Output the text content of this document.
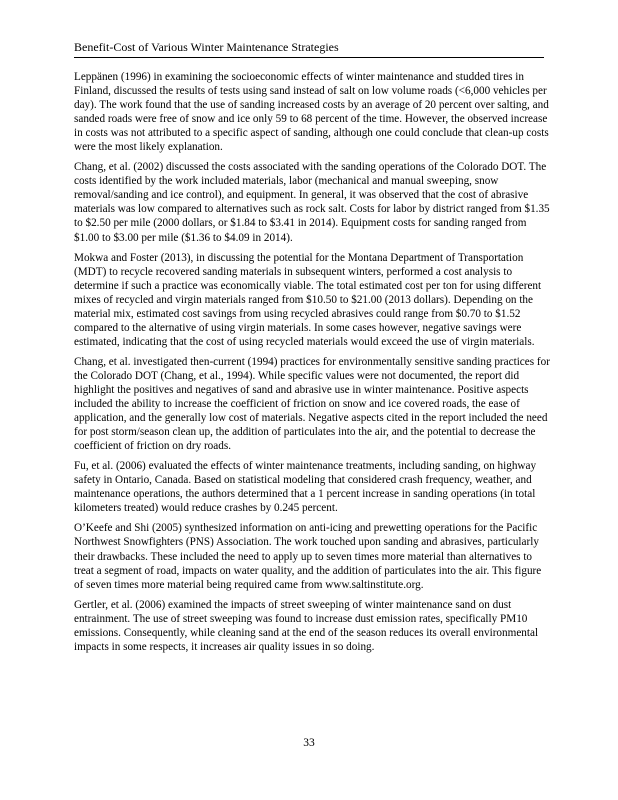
Benefit-Cost of Various Winter Maintenance Strategies

Leppänen (1996) in examining the socioeconomic effects of winter maintenance and studded tires in Finland, discussed the results of tests using sand instead of salt on low volume roads (<6,000 vehicles per day). The work found that the use of sanding increased costs by an average of 20 percent over salting, and sanded roads were free of snow and ice only 59 to 68 percent of the time. However, the observed increase in costs was not attributed to a specific aspect of sanding, although one could conclude that clean-up costs were the most likely explanation.

Chang, et al. (2002) discussed the costs associated with the sanding operations of the Colorado DOT. The costs identified by the work included materials, labor (mechanical and manual sweeping, snow removal/sanding and ice control), and equipment. In general, it was observed that the cost of abrasive materials was low compared to alternatives such as rock salt. Costs for labor by district ranged from $1.35 to $2.50 per mile (2000 dollars, or $1.84 to $3.41 in 2014). Equipment costs for sanding ranged from $1.00 to $3.00 per mile ($1.36 to $4.09 in 2014).

Mokwa and Foster (2013), in discussing the potential for the Montana Department of Transportation (MDT) to recycle recovered sanding materials in subsequent winters, performed a cost analysis to determine if such a practice was economically viable. The total estimated cost per ton for using different mixes of recycled and virgin materials ranged from $10.50 to $21.00 (2013 dollars). Depending on the material mix, estimated cost savings from using recycled abrasives could range from $0.70 to $1.52 compared to the alternative of using virgin materials. In some cases however, negative savings were estimated, indicating that the cost of using recycled materials would exceed the use of virgin materials.

Chang, et al. investigated then-current (1994) practices for environmentally sensitive sanding practices for the Colorado DOT (Chang, et al., 1994). While specific values were not documented, the report did highlight the positives and negatives of sand and abrasive use in winter maintenance. Positive aspects included the ability to increase the coefficient of friction on snow and ice covered roads, the ease of application, and the generally low cost of materials. Negative aspects cited in the report included the need for post storm/season clean up, the addition of particulates into the air, and the potential to decrease the coefficient of friction on dry roads.

Fu, et al. (2006) evaluated the effects of winter maintenance treatments, including sanding, on highway safety in Ontario, Canada. Based on statistical modeling that considered crash frequency, weather, and maintenance operations, the authors determined that a 1 percent increase in sanding operations (in total kilometers treated) would reduce crashes by 0.245 percent.

O’Keefe and Shi (2005) synthesized information on anti-icing and prewetting operations for the Pacific Northwest Snowfighters (PNS) Association. The work touched upon sanding and abrasives, particularly their drawbacks. These included the need to apply up to seven times more material than alternatives to treat a segment of road, impacts on water quality, and the addition of particulates into the air. This figure of seven times more material being required came from www.saltinstitute.org.

Gertler, et al. (2006) examined the impacts of street sweeping of winter maintenance sand on dust entrainment. The use of street sweeping was found to increase dust emission rates, specifically PM10 emissions. Consequently, while cleaning sand at the end of the season reduces its overall environmental impacts in some respects, it increases air quality issues in so doing.

33
